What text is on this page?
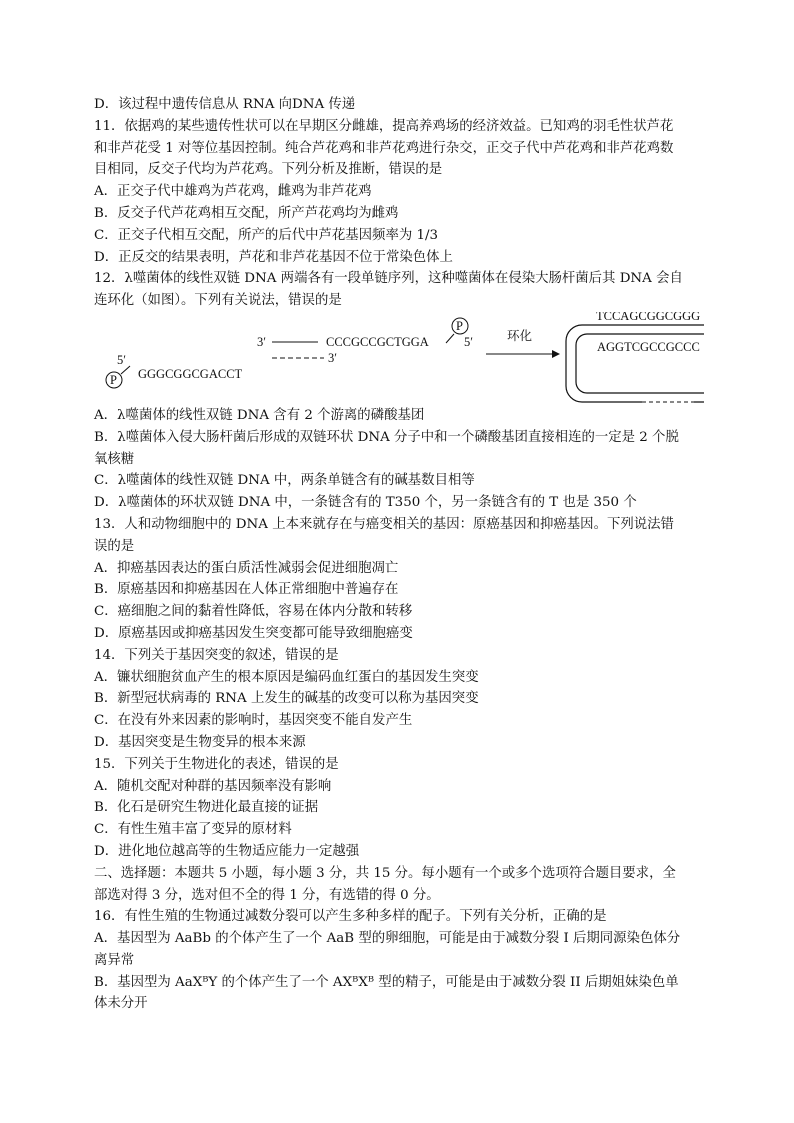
D．该过程中遗传信息从 RNA 向DNA 传递
11．依据鸡的某些遗传性状可以在早期区分雌雄，提高养鸡场的经济效益。已知鸡的羽毛性状芦花
和非芦花受 1 对等位基因控制。纯合芦花鸡和非芦花鸡进行杂交，正交子代中芦花鸡和非芦花鸡数
目相同，反交子代均为芦花鸡。下列分析及推断，错误的是
A．正交子代中雄鸡为芦花鸡，雌鸡为非芦花鸡
B．反交子代芦花鸡相互交配，所产芦花鸡均为雌鸡
C．正交子代相互交配，所产的后代中芦花基因频率为 1/3
D．正反交的结果表明，芦花和非芦花基因不位于常染色体上
12．λ噬菌体的线性双链 DNA 两端各有一段单链序列，这种噬菌体在侵染大肠杆菌后其 DNA 会自
连环化（如图）。下列有关说法，错误的是
3′	CCCGCCGCTGGA
P
5′
3′
5′
P GGGCGGCGACCT
环化
TCCAGCGGCGGG
AGGTCGCCGCCC
A．λ噬菌体的线性双链 DNA 含有 2 个游离的磷酸基团
B．λ噬菌体入侵大肠杆菌后形成的双链环状 DNA 分子中和一个磷酸基团直接相连的一定是 2 个脱
氧核糖
C．λ噬菌体的线性双链 DNA 中，两条单链含有的碱基数目相等
D．λ噬菌体的环状双链 DNA 中，一条链含有的 T350 个，另一条链含有的 T 也是 350 个
13．人和动物细胞中的 DNA 上本来就存在与癌变相关的基因：原癌基因和抑癌基因。下列说法错
误的是
A．抑癌基因表达的蛋白质活性减弱会促进细胞凋亡
B．原癌基因和抑癌基因在人体正常细胞中普遍存在
C．癌细胞之间的黏着性降低，容易在体内分散和转移
D．原癌基因或抑癌基因发生突变都可能导致细胞癌变
14．下列关于基因突变的叙述，错误的是
A．镰状细胞贫血产生的根本原因是编码血红蛋白的基因发生突变
B．新型冠状病毒的 RNA 上发生的碱基的改变可以称为基因突变
C．在没有外来因素的影响时，基因突变不能自发产生
D．基因突变是生物变异的根本来源
15．下列关于生物进化的表述，错误的是
A．随机交配对种群的基因频率没有影响
B．化石是研究生物进化最直接的证据
C．有性生殖丰富了变异的原材料
D．进化地位越高等的生物适应能力一定越强
二、选择题：本题共 5 小题，每小题 3 分，共 15 分。每小题有一个或多个选项符合题目要求，全
部选对得 3 分，选对但不全的得 1 分，有选错的得 0 分。
16．有性生殖的生物通过减数分裂可以产生多种多样的配子。下列有关分析，正确的是
A．基因型为 AaBb 的个体产生了一个 AaB 型的卵细胞，可能是由于减数分裂 I 后期同源染色体分
离异常
B．基因型为 AaXᴮY 的个体产生了一个 AXᴮXᴮ 型的精子，可能是由于减数分裂 II 后期姐妹染色单
体未分开
